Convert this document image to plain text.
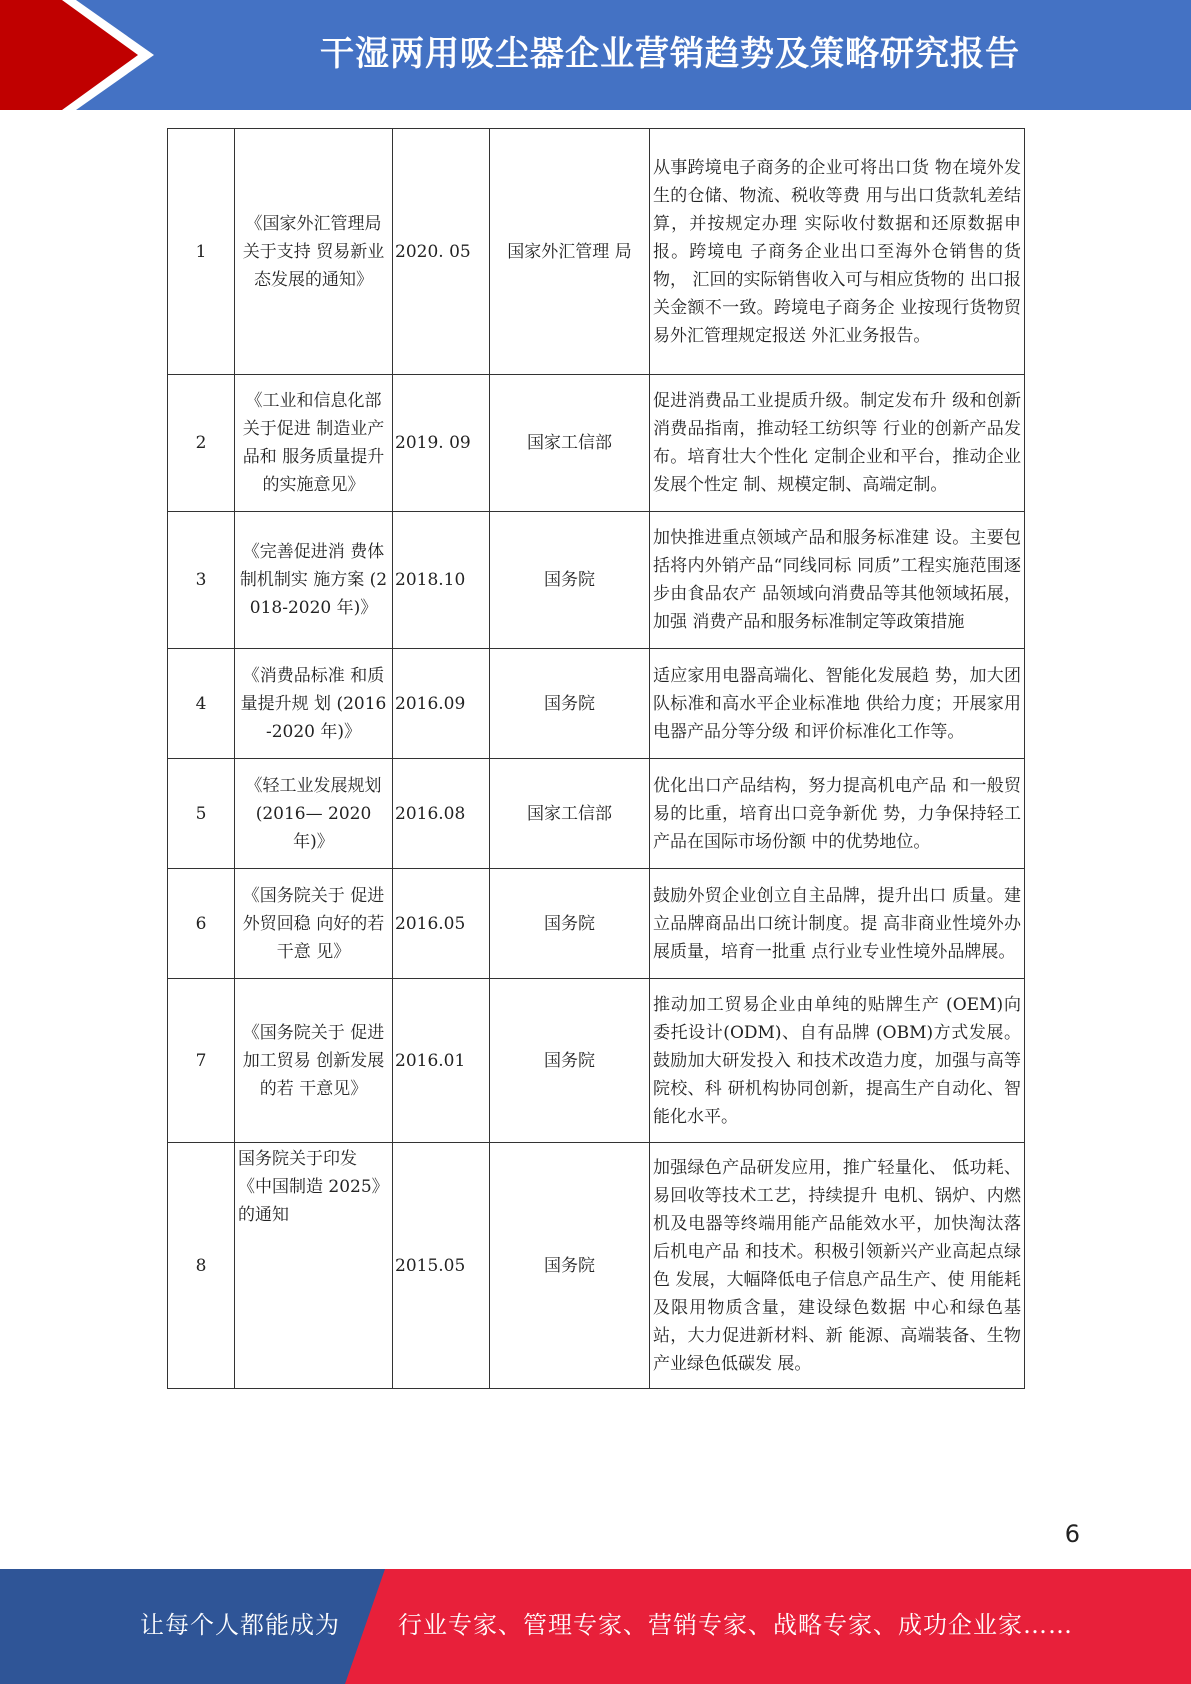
干湿两用吸尘器企业营销趋势及策略研究报告
1	《国家外汇管理局关于支持 贸易新业态发展的通知》	2020. 05	国家外汇管理 局	从事跨境电子商务的企业可将出口货 物在境外发生的仓储、物流、税收等费 用与出口货款轧差结算，并按规定办理 实际收付数据和还原数据申报。跨境电 子商务企业出口至海外仓销售的货物， 汇回的实际销售收入可与相应货物的 出口报关金额不一致。跨境电子商务企 业按现行货物贸易外汇管理规定报送 外汇业务报告。
2	《工业和信息化部关于促进 制造业产品和 服务质量提升 的实施意见》	2019. 09	国家工信部	促进消费品工业提质升级。制定发布升 级和创新消费品指南，推动轻工纺织等 行业的创新产品发布。培育壮大个性化 定制企业和平台，推动企业发展个性定 制、规模定制、高端定制。
3	《完善促进消 费体制机制实 施方案 (2018-2020 年)》	2018.10	国务院	加快推进重点领域产品和服务标准建 设。主要包括将内外销产品“同线同标 同质”工程实施范围逐步由食品农产 品领域向消费品等其他领域拓展，加强 消费产品和服务标准制定等政策措施
4	《消费品标准 和质量提升规 划 (2016-2020 年)》	2016.09	国务院	适应家用电器高端化、智能化发展趋 势，加大团队标准和高水平企业标准地 供给力度；开展家用电器产品分等分级 和评价标准化工作等。
5	《轻工业发展规划(2016— 2020 年)》	2016.08	国家工信部	优化出口产品结构，努力提高机电产品 和一般贸易的比重，培育出口竞争新优 势，力争保持轻工产品在国际市场份额 中的优势地位。
6	《国务院关于 促进外贸回稳 向好的若干意 见》	2016.05	国务院	鼓励外贸企业创立自主品牌，提升出口 质量。建立品牌商品出口统计制度。提 高非商业性境外办展质量，培育一批重 点行业专业性境外品牌展。
7	《国务院关于 促进加工贸易 创新发展的若 干意见》	2016.01	国务院	推动加工贸易企业由单纯的贴牌生产 (OEM)向委托设计(ODM)、自有品牌 (OBM)方式发展。鼓励加大研发投入 和技术改造力度，加强与高等院校、科 研机构协同创新，提高生产自动化、智 能化水平。
8	国务院关于印发《中国制造 2025》的通知	2015.05	国务院	加强绿色产品研发应用，推广轻量化、 低功耗、易回收等技术工艺，持续提升 电机、锅炉、内燃机及电器等终端用能产品能效水平，加快淘汰落后机电产品 和技术。积极引领新兴产业高起点绿色 发展，大幅降低电子信息产品生产、使 用能耗及限用物质含量，建设绿色数据 中心和绿色基站，大力促进新材料、新 能源、高端装备、生物产业绿色低碳发 展。
6
让每个人都能成为 行业专家、管理专家、营销专家、战略专家、成功企业家……
